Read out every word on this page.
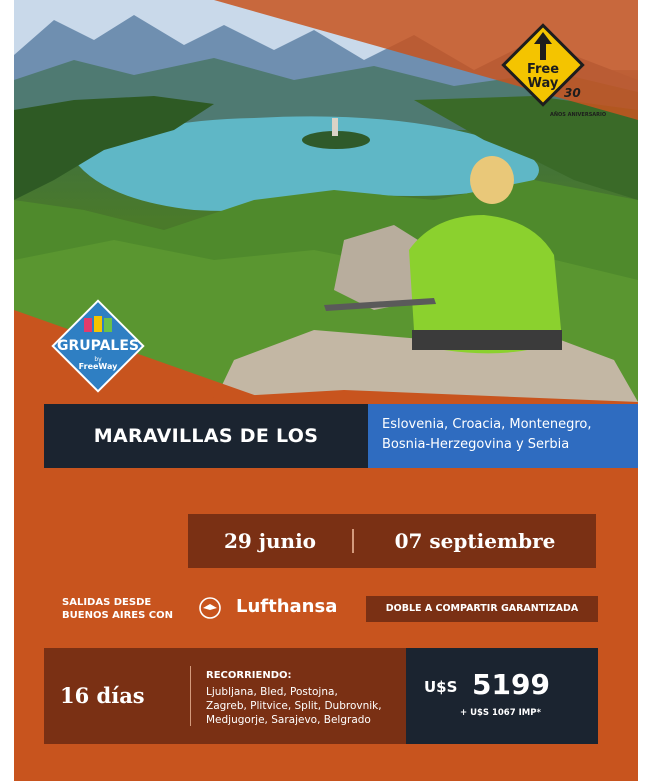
Free
Way
30
AÑOS ANIVERSARIO
GRUPALES
by
FreeWay
MARAVILLAS DE LOS
Eslovenia, Croacia, Montenegro,
Bosnia-Herzegovina y Serbia
29 junio	07 septiembre
SALIDAS DESDE
BUENOS AIRES CON	Lufthansa	DOBLE A COMPARTIR GARANTIZADA
16 días
RECORRIENDO:
Ljubljana, Bled, Postojna,
Zagreb, Plitvice, Split, Dubrovnik,
Medjugorje, Sarajevo, Belgrado
U$S 5199
+ U$S 1067 IMP*
